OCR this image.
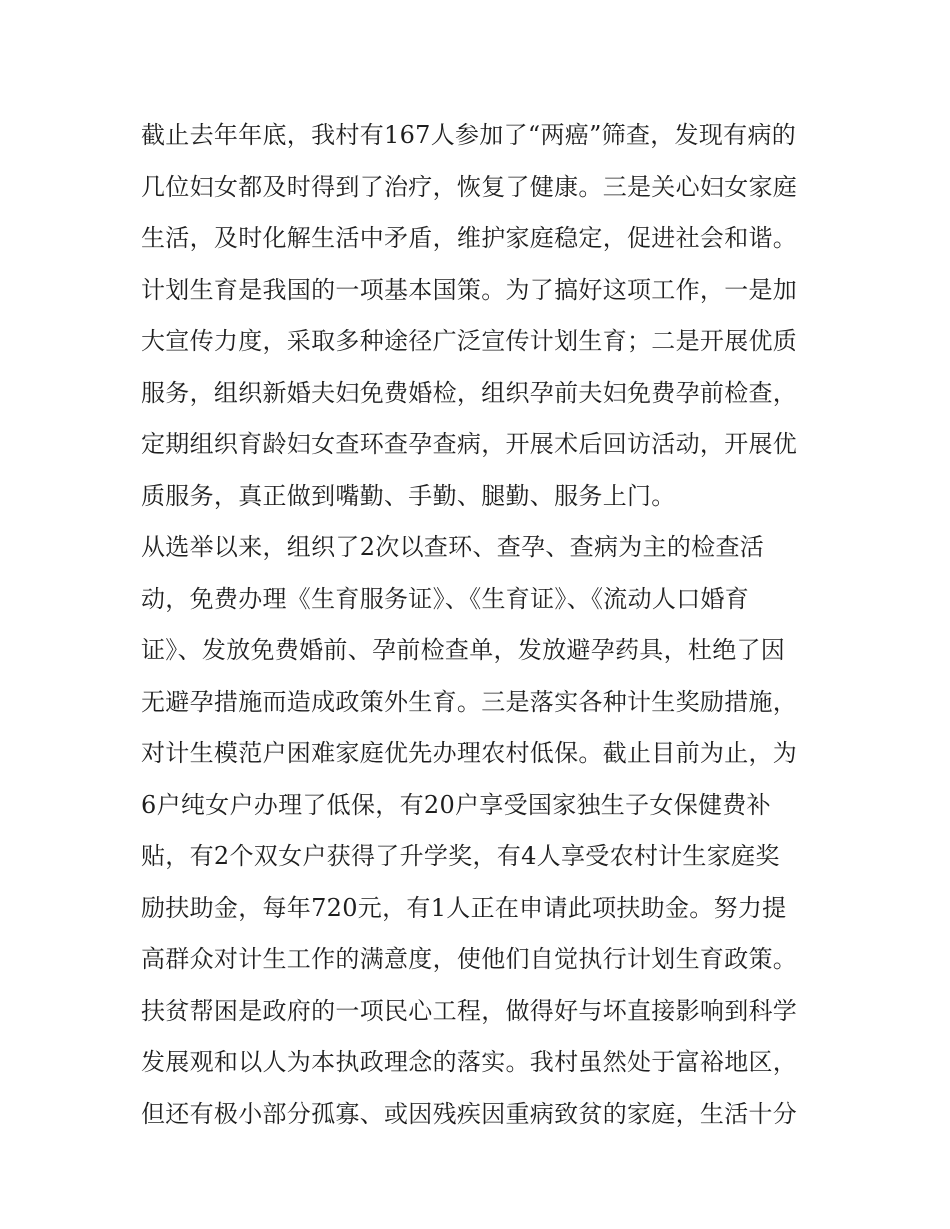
截止去年年底，我村有167人参加了“两癌”筛查，发现有病的
几位妇女都及时得到了治疗，恢复了健康。三是关心妇女家庭
生活，及时化解生活中矛盾，维护家庭稳定，促进社会和谐。
计划生育是我国的一项基本国策。为了搞好这项工作，一是加
大宣传力度，采取多种途径广泛宣传计划生育；二是开展优质
服务，组织新婚夫妇免费婚检，组织孕前夫妇免费孕前检查，
定期组织育龄妇女查环查孕查病，开展术后回访活动，开展优
质服务，真正做到嘴勤、手勤、腿勤、服务上门。
从选举以来，组织了2次以查环、查孕、查病为主的检查活
动，免费办理《生育服务证》、《生育证》、《流动人口婚育
证》、发放免费婚前、孕前检查单，发放避孕药具，杜绝了因
无避孕措施而造成政策外生育。三是落实各种计生奖励措施，
对计生模范户困难家庭优先办理农村低保。截止目前为止，为
6户纯女户办理了低保，有20户享受国家独生子女保健费补
贴，有2个双女户获得了升学奖，有4人享受农村计生家庭奖
励扶助金，每年720元，有1人正在申请此项扶助金。努力提
高群众对计生工作的满意度，使他们自觉执行计划生育政策。
扶贫帮困是政府的一项民心工程，做得好与坏直接影响到科学
发展观和以人为本执政理念的落实。我村虽然处于富裕地区，
但还有极小部分孤寡、或因残疾因重病致贫的家庭，生活十分
